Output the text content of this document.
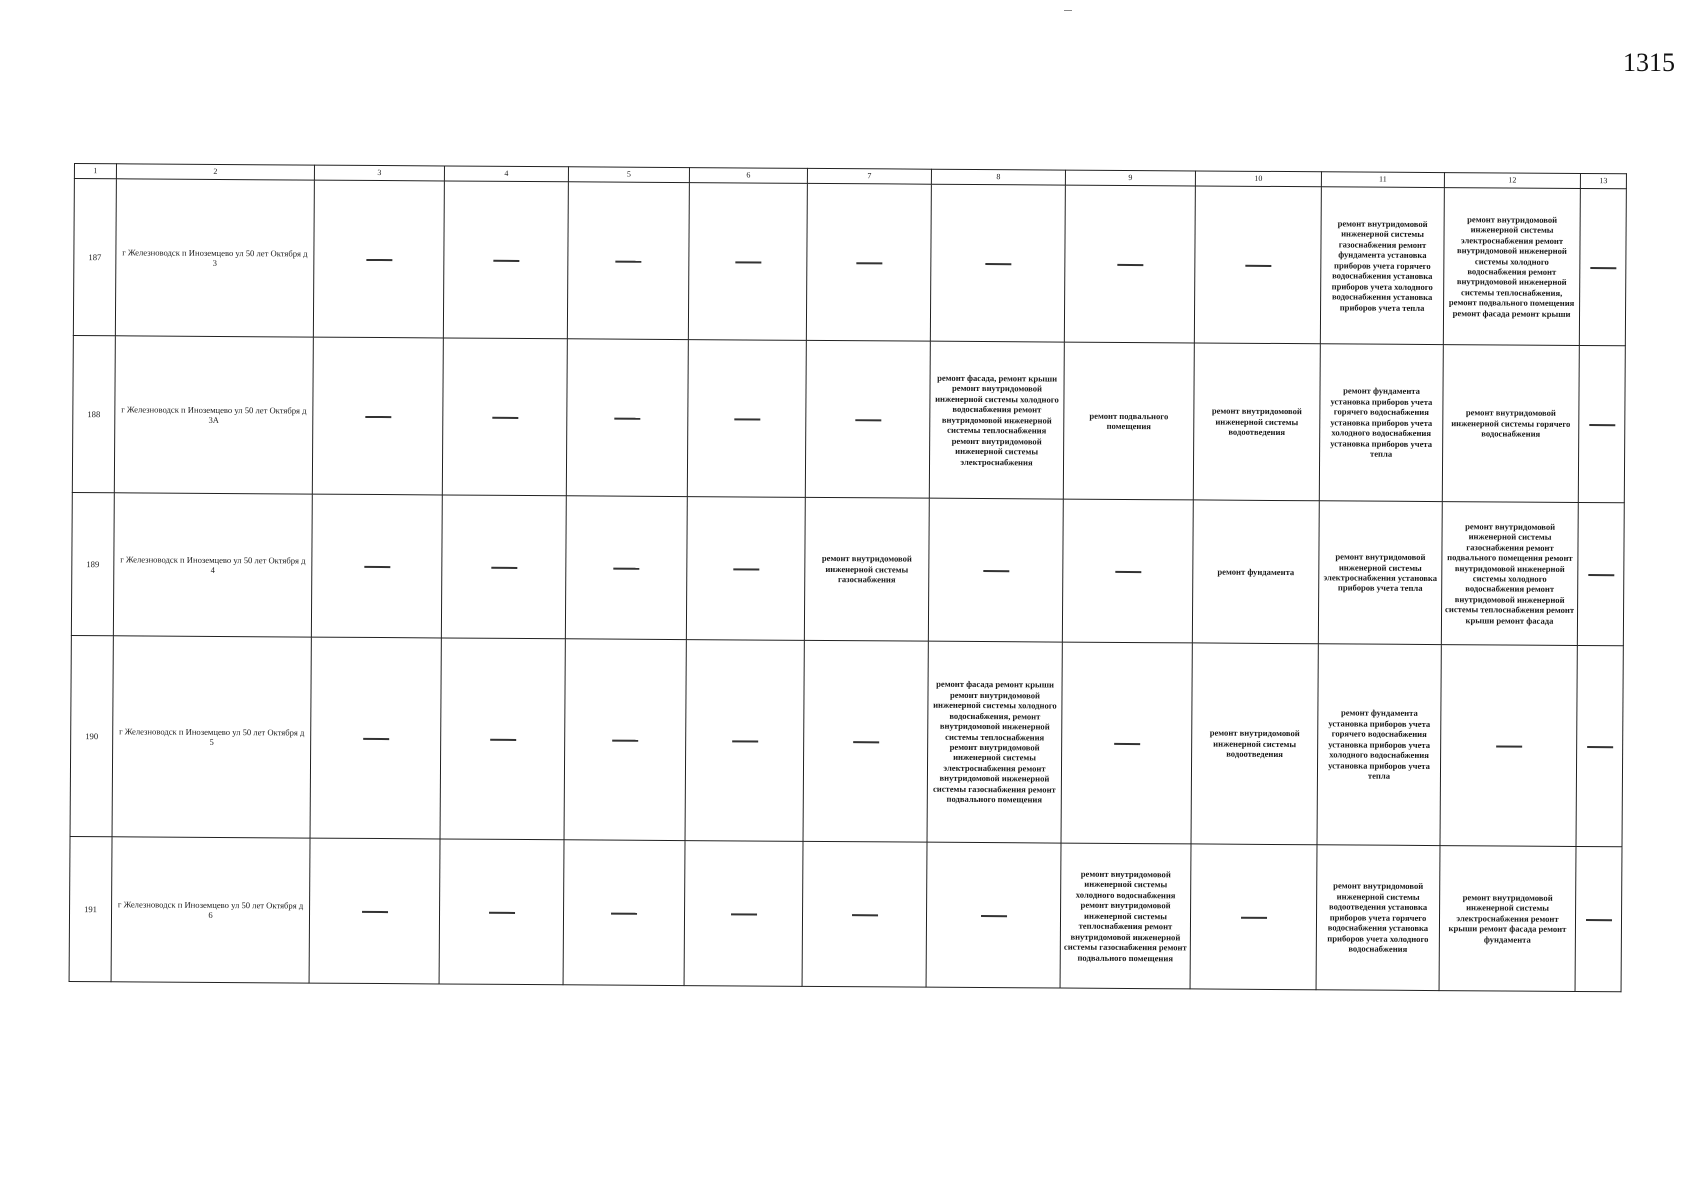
1315
1	2	3	4	5	6	7	8	9	10	11	12	13
187	г Железноводск п Иноземцево ул 50 лет Октября д 3									ремонт внутридомовой инженерной системы газоснабжения ремонт фундамента установка приборов учета горячего водоснабжения установка приборов учета холодного водоснабжения установка приборов учета тепла	ремонт внутридомовой инженерной системы электроснабжения ремонт внутридомовой инженерной системы холодного водоснабжения ремонт внутридомовой инженерной системы теплоснабжения, ремонт подвального помещения ремонт фасада ремонт крыши	
188	г Железноводск п Иноземцево ул 50 лет Октября д 3А						ремонт фасада, ремонт крыши ремонт внутридомовой инженерной системы холодного водоснабжения ремонт внутридомовой инженерной системы теплоснабжения ремонт внутридомовой инженерной системы электроснабжения	ремонт подвального помещения	ремонт внутридомовой инженерной системы водоотведения	ремонт фундамента установка приборов учета горячего водоснабжения установка приборов учета холодного водоснабжения установка приборов учета тепла	ремонт внутридомовой инженерной системы горячего водоснабжения	
189	г Железноводск п Иноземцево ул 50 лет Октября д 4					ремонт внутридомовой инженерной системы газоснабжения			ремонт фундамента	ремонт внутридомовой инженерной системы электроснабжения установка приборов учета тепла	ремонт внутридомовой инженерной системы газоснабжения ремонт подвального помещения ремонт внутридомовой инженерной системы холодного водоснабжения ремонт внутридомовой инженерной системы теплоснабжения ремонт крыши ремонт фасада	
190	г Железноводск п Иноземцево ул 50 лет Октября д 5						ремонт фасада ремонт крыши ремонт внутридомовой инженерной системы холодного водоснабжения, ремонт внутридомовой инженерной системы теплоснабжения ремонт внутридомовой инженерной системы электроснабжения ремонт внутридомовой инженерной системы газоснабжения ремонт подвального помещения		ремонт внутридомовой инженерной системы водоотведения	ремонт фундамента установка приборов учета горячего водоснабжения установка приборов учета холодного водоснабжения установка приборов учета тепла		
191	г Железноводск п Иноземцево ул 50 лет Октября д 6							ремонт внутридомовой инженерной системы холодного водоснабжения ремонт внутридомовой инженерной системы теплоснабжения ремонт внутридомовой инженерной системы газоснабжения ремонт подвального помещения		ремонт внутридомовой инженерной системы водоотведения установка приборов учета горячего водоснабжения установка приборов учета холодного водоснабжения	ремонт внутридомовой инженерной системы электроснабжения ремонт крыши ремонт фасада ремонт фундамента	
